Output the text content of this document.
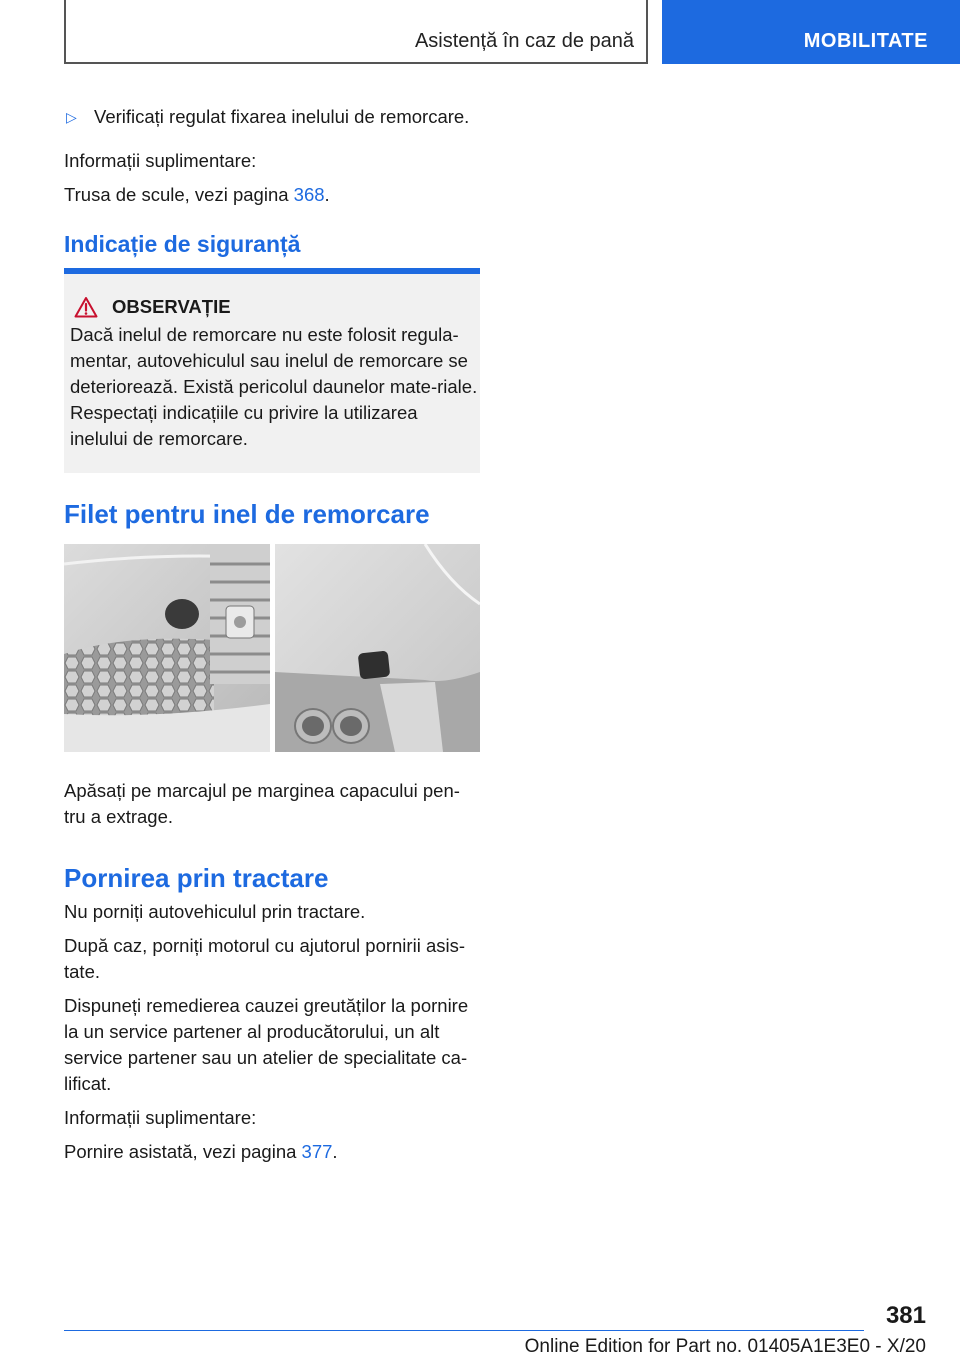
Asistență în caz de pană	MOBILITATE
▷ Verificați regulat fixarea inelului de remorcare.

Informații suplimentare:

Trusa de scule, vezi pagina 368.

Indicație de siguranță

OBSERVAȚIE
Dacă inelul de remorcare nu este folosit regula-mentar, autovehiculul sau inelul de remorcare se deteriorează. Există pericolul daunelor mate-riale. Respectați indicațiile cu privire la utilizarea inelului de remorcare.

Filet pentru inel de remorcare

Apăsați pe marcajul pe marginea capacului pen-tru a extrage.

Pornirea prin tractare

Nu porniți autovehiculul prin tractare.

După caz, porniți motorul cu ajutorul pornirii asis-tate.

Dispuneți remedierea cauzei greutăților la pornire la un service partener al producătorului, un alt service partener sau un atelier de specialitate ca-lificat.

Informații suplimentare:

Pornire asistată, vezi pagina 377.

381
Online Edition for Part no. 01405A1E3E0 - X/20
